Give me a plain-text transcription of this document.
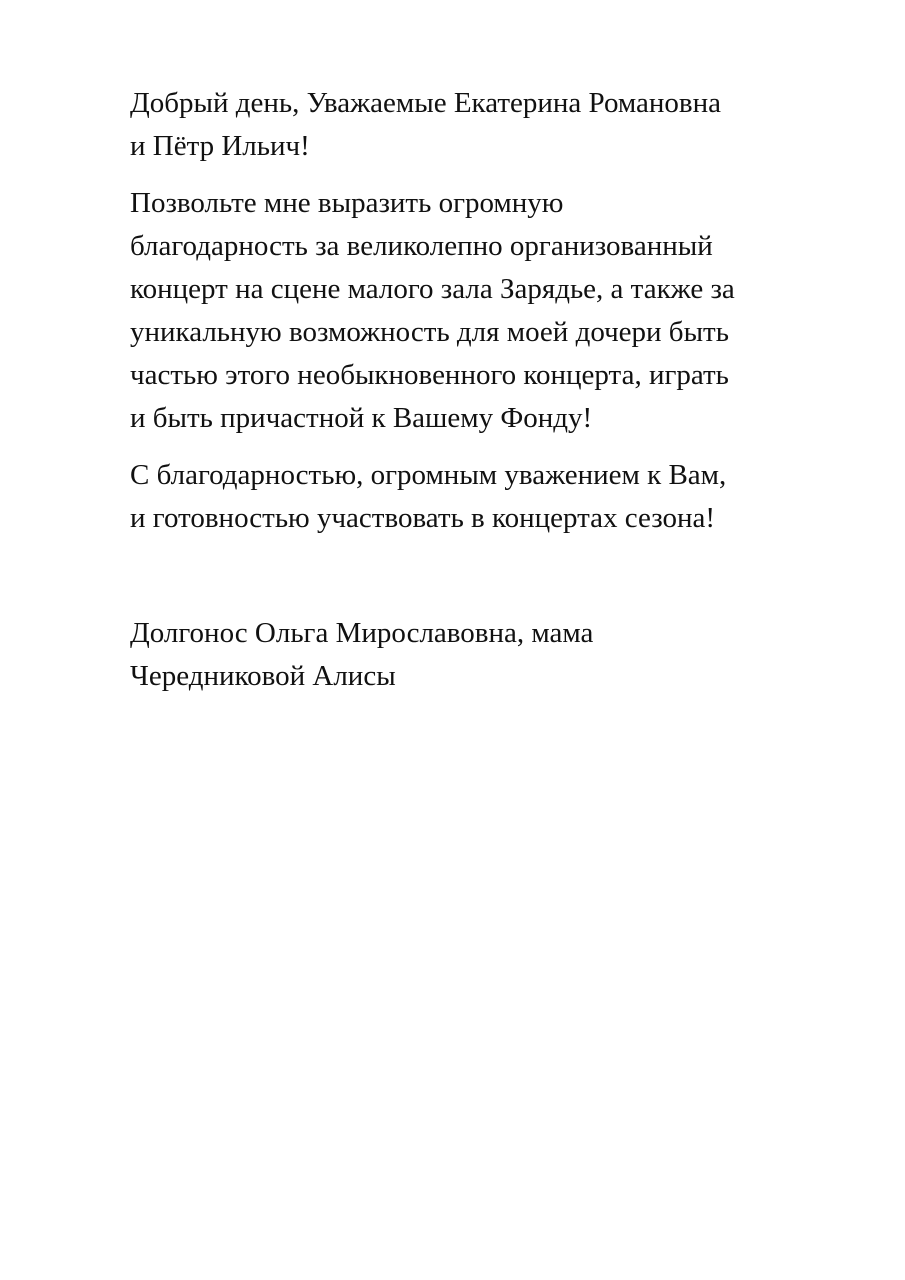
Добрый день, Уважаемые Екатерина Романовна
и Пётр Ильич!

Позвольте мне выразить огромную
благодарность за великолепно организованный
концерт на сцене малого зала Зарядье, а также за
уникальную возможность для моей дочери быть
частью этого необыкновенного концерта, играть
и быть причастной к Вашему Фонду!

С благодарностью, огромным уважением к Вам,
и готовностью участвовать в концертах сезона!

Долгонос Ольга Мирославовна, мама
Чередниковой Алисы
